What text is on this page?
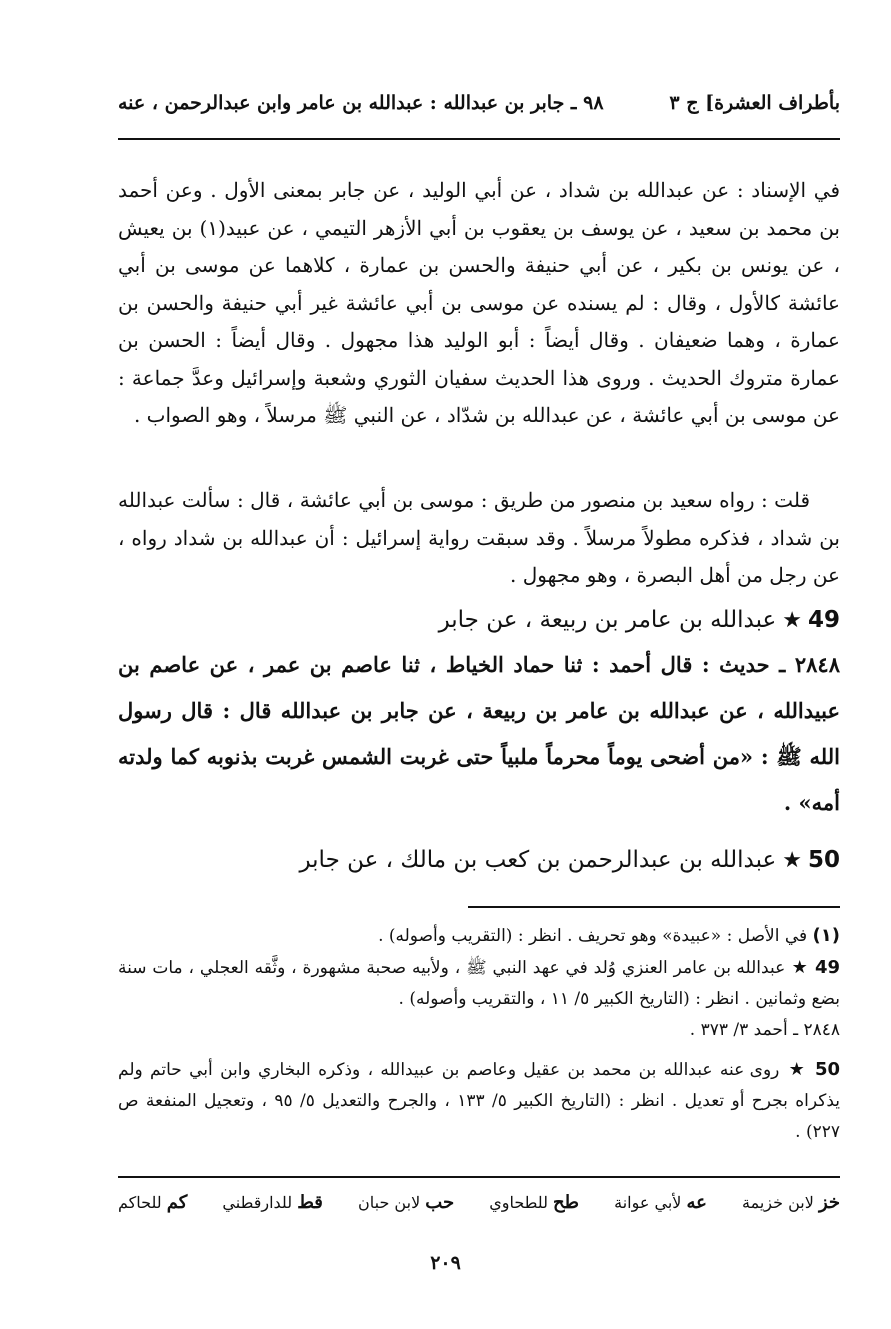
بأطراف العشرة] ج ٣
٩٨ ـ جابر بن عبدالله : عبدالله بن عامر وابن عبدالرحمن ، عنه
في الإسناد : عن عبدالله بن شداد ، عن أبي الوليد ، عن جابر بمعنى الأول . وعن أحمد بن محمد بن سعيد ، عن يوسف بن يعقوب بن أبي الأزهر التيمي ، عن عبيد(١) بن يعيش ، عن يونس بن بكير ، عن أبي حنيفة والحسن بن عمارة ، كلاهما عن موسى بن أبي عائشة كالأول ، وقال : لم يسنده عن موسى بن أبي عائشة غير أبي حنيفة والحسن بن عمارة ، وهما ضعيفان . وقال أيضاً : أبو الوليد هذا مجهول . وقال أيضاً : الحسن بن عمارة متروك الحديث . وروى هذا الحديث سفيان الثوري وشعبة وإسرائيل وعدَّ جماعة : عن موسى بن أبي عائشة ، عن عبدالله بن شدّاد ، عن النبي ﷺ مرسلاً ، وهو الصواب .
قلت : رواه سعيد بن منصور من طريق : موسى بن أبي عائشة ، قال : سألت عبدالله بن شداد ، فذكره مطولاً مرسلاً . وقد سبقت رواية إسرائيل : أن عبدالله بن شداد رواه ، عن رجل من أهل البصرة ، وهو مجهول .
49★عبدالله بن عامر بن ربيعة ، عن جابر
٢٨٤٨ ـ حديث : قال أحمد : ثنا حماد الخياط ، ثنا عاصم بن عمر ، عن عاصم بن عبيدالله ، عن عبدالله بن عامر بن ربيعة ، عن جابر بن عبدالله قال : قال رسول الله ﷺ : «من أضحى يوماً محرماً ملبياً حتى غربت الشمس غربت بذنوبه كما ولدته أمه» .
50★عبدالله بن عبدالرحمن بن كعب بن مالك ، عن جابر

(١) في الأصل : «عبيدة» وهو تحريف . انظر : (التقريب وأصوله) .

49 ★ عبدالله بن عامر العنزي وُلد في عهد النبي ﷺ ، ولأبيه صحبة مشهورة ، وثَّقه العجلي ، مات سنة بضع وثمانين . انظر : (التاريخ الكبير ٥/ ١١ ، والتقريب وأصوله) .

٢٨٤٨ ـ أحمد ٣/ ٣٧٣ .

50 ★ روى عنه عبدالله بن محمد بن عقيل وعاصم بن عبيدالله ، وذكره البخاري وابن أبي حاتم ولم يذكراه بجرح أو تعديل . انظر : (التاريخ الكبير ٥/ ١٣٣ ، والجرح والتعديل ٥/ ٩٥ ، وتعجيل المنفعة ص ٢٢٧) .

خز لابن خزيمة
عه لأبي عوانة
طح للطحاوي
حب لابن حبان
قط للدارقطني
كم للحاكم
٢٠٩
